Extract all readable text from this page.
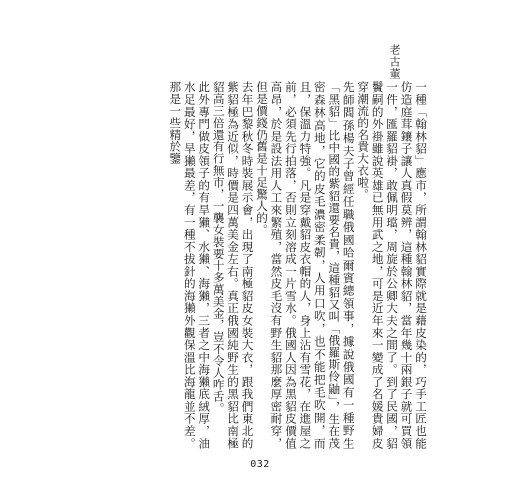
老古董

一種「翰林貂」應市，所謂翰林貂實際就是藉皮染的，巧手工匠也能仿造庭茸鑲子讓人真假莫辨，這種翰林貂，當年幾十兩銀子就可買領一件，匯羅貂褂，敢佩明璫，周旋於公卿大夫之間了。到了民國，貂鬢嗣的外褂雖說英雄已無用武之地，可是近年來一變成了名媛貴婦皮穿潮流的名貴大衣啦。

先師閻孫楊夫子曾經任職俄國哈爾賓總領事，據說俄國有一種野生「黑貂」比中國的紫貂還要名貴，這種貂又叫「俄羅斯伶鼬」，生在茂密森林高地，它的皮毛濃密柔韌，人用口吹，也不能把毛吹開，而且，保溫力特強。凡是穿戴貂皮衣帽的人，身上沾有雪花，在進屋之前，必須先行拍落，否則立刻溶成一片雪水。俄國人因為黑貂皮價值高昂，於是設法用人工來繁殖，當然皮毛沒有野生貂那麼厚密耐穿，但是價錢仍舊是十足驚人的。

去年巴黎秋冬時裝展示會，出現了南極貂皮女裝大衣，跟我們東北的紫貂極為近似，時價是四萬美金左右。真正俄國純野生的黑貂比南極貂高三倍還有行無市，一襲女裝要十多萬美金，豈不令人咋舌。

此外專門做皮領子的有旱獺、水獺、海獺，三者之中海獺底絨厚，油水足最好，旱獺最差，有一種不拔針的海獺外觀保溫比海龍並不差。那是一些精於鑒

032
